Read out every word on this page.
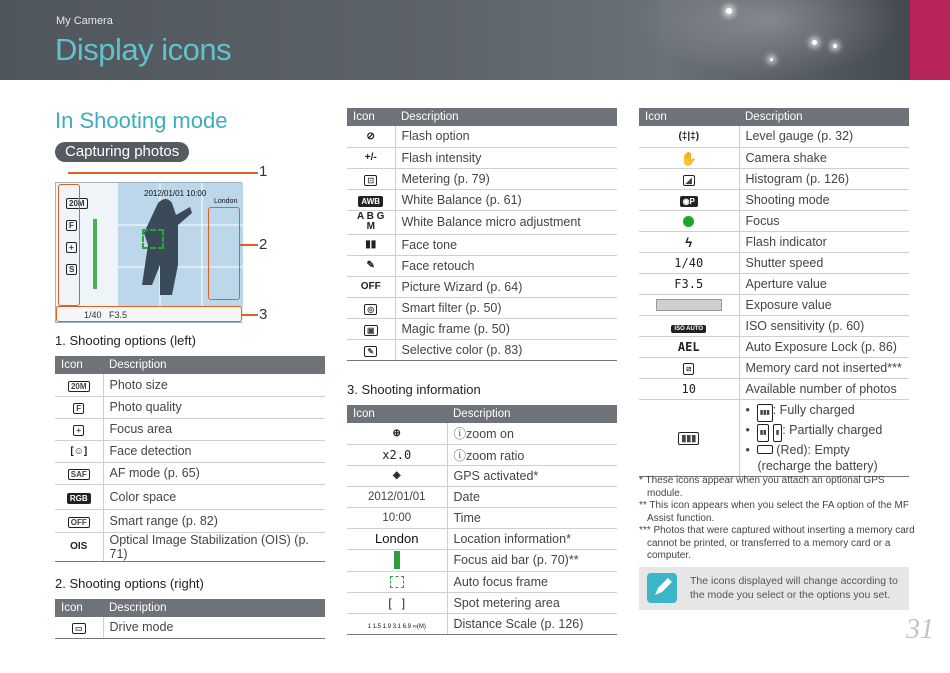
My Camera
Display icons
In Shooting mode
Capturing photos
20M F + S
2012/01/01 10:00
London
1/40 F3.5
1
2
3
1. Shooting options (left)
Icon	Description
20M	Photo size
F	Photo quality
+	Focus area
[☺]	Face detection
SAF	AF mode (p. 65)
RGB	Color space
OFF	Smart range (p. 82)
OIS	Optical Image Stabilization (OIS) (p. 71)
2. Shooting options (right)
Icon	Description
▭	Drive mode
Icon	Description
⊘	Flash option
+/-	Flash intensity
⊡	Metering (p. 79)
AWB	White Balance (p. 61)
A B G M	White Balance micro adjustment
▮▮	Face tone
✎	Face retouch
OFF	Picture Wizard (p. 64)
◎	Smart filter (p. 50)
▣	Magic frame (p. 50)
✎	Selective color (p. 83)
3. Shooting information
Icon	Description
⊕	ⓘzoom on
x2.0	ⓘzoom ratio
◈	GPS activated*
2012/01/01	Date
10:00	Time
London	Location information*
	Focus aid bar (p. 70)**
	Auto focus frame
[   ]	Spot metering area
1 1.5 1.9 3.1 6.9 ∞(M)	Distance Scale (p. 126)
Icon	Description
(‡|‡)	Level gauge (p. 32)
✋	Camera shake
◢	Histogram (p. 126)
◉P	Shooting mode
	Focus
ϟ	Flash indicator
1/40	Shutter speed
F3.5	Aperture value
	Exposure value
ISO AUTO	ISO sensitivity (p. 60)
AEL	Auto Exposure Lock (p. 86)
⧄	Memory card not inserted***
10	Available number of photos
▮▮▮	•  ▮▮▮ : Fully charged
•  ▮▮ ▮ : Partially charged
•   (Red): Empty (recharge the battery)

* These icons appear when you attach an optional GPS module.

** This icon appears when you select the FA option of the MF Assist function.

*** Photos that were captured without inserting a memory card cannot be printed, or transferred to a memory card or a computer.

The icons displayed will change according to the mode you select or the options you set.
31
